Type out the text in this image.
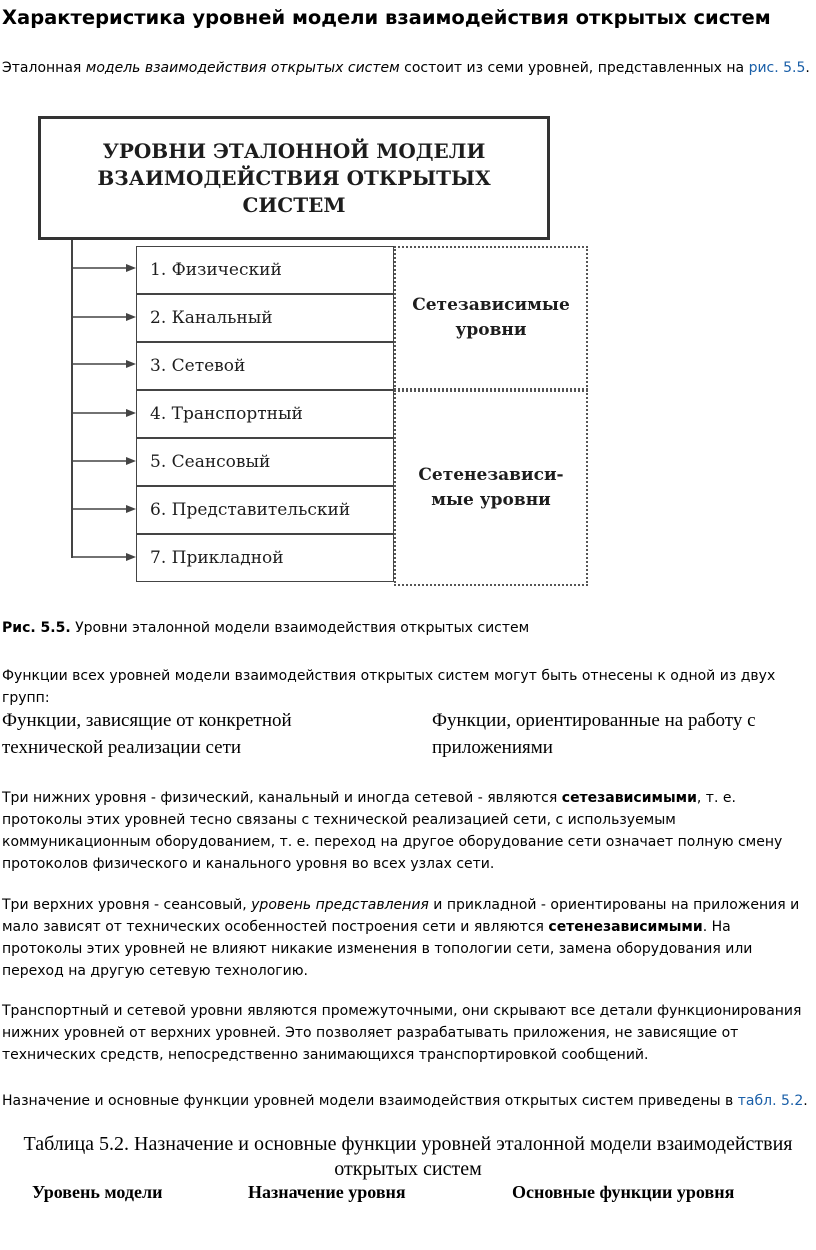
Характеристика уровней модели взаимодействия открытых систем

Эталонная модель взаимодействия открытых систем состоит из семи уровней, представленных на рис. 5.5.

УРОВНИ ЭТАЛОННОЙ МОДЕЛИ
ВЗАИМОДЕЙСТВИЯ ОТКРЫТЫХ
СИСТЕМ
Сетезависимые
уровни
Сетенезависи-
мые уровни
1. Физический
2. Канальный
3. Сетевой
4. Транспортный
5. Сеансовый
6. Представительский
7. Прикладной

Рис. 5.5. Уровни эталонной модели взаимодействия открытых систем

Функции всех уровней модели взаимодействия открытых систем могут быть отнесены к одной из двух групп:

Функции, зависящие от конкретной технической реализации сети

Функции, ориентированные на работу с приложениями

Три нижних уровня - физический, канальный и иногда сетевой - являются сетезависимыми, т. е. протоколы этих уровней тесно связаны с технической реализацией сети, с используемым коммуникационным оборудованием, т. е. переход на другое оборудование сети означает полную смену протоколов физического и канального уровня во всех узлах сети.

Три верхних уровня - сеансовый, уровень представления и прикладной - ориентированы на приложения и мало зависят от технических особенностей построения сети и являются сетенезависимыми. На протоколы этих уровней не влияют никакие изменения в топологии сети, замена оборудования или переход на другую сетевую технологию.

Транспортный и сетевой уровни являются промежуточными, они скрывают все детали функционирования нижних уровней от верхних уровней. Это позволяет разрабатывать приложения, не зависящие от технических средств, непосредственно занимающихся транспортировкой сообщений.

Назначение и основные функции уровней модели взаимодействия открытых систем приведены в табл. 5.2.

Таблица 5.2. Назначение и основные функции уровней эталонной модели взаимодействия открытых систем

Уровень модели	Назначение уровня	Основные функции уровня
